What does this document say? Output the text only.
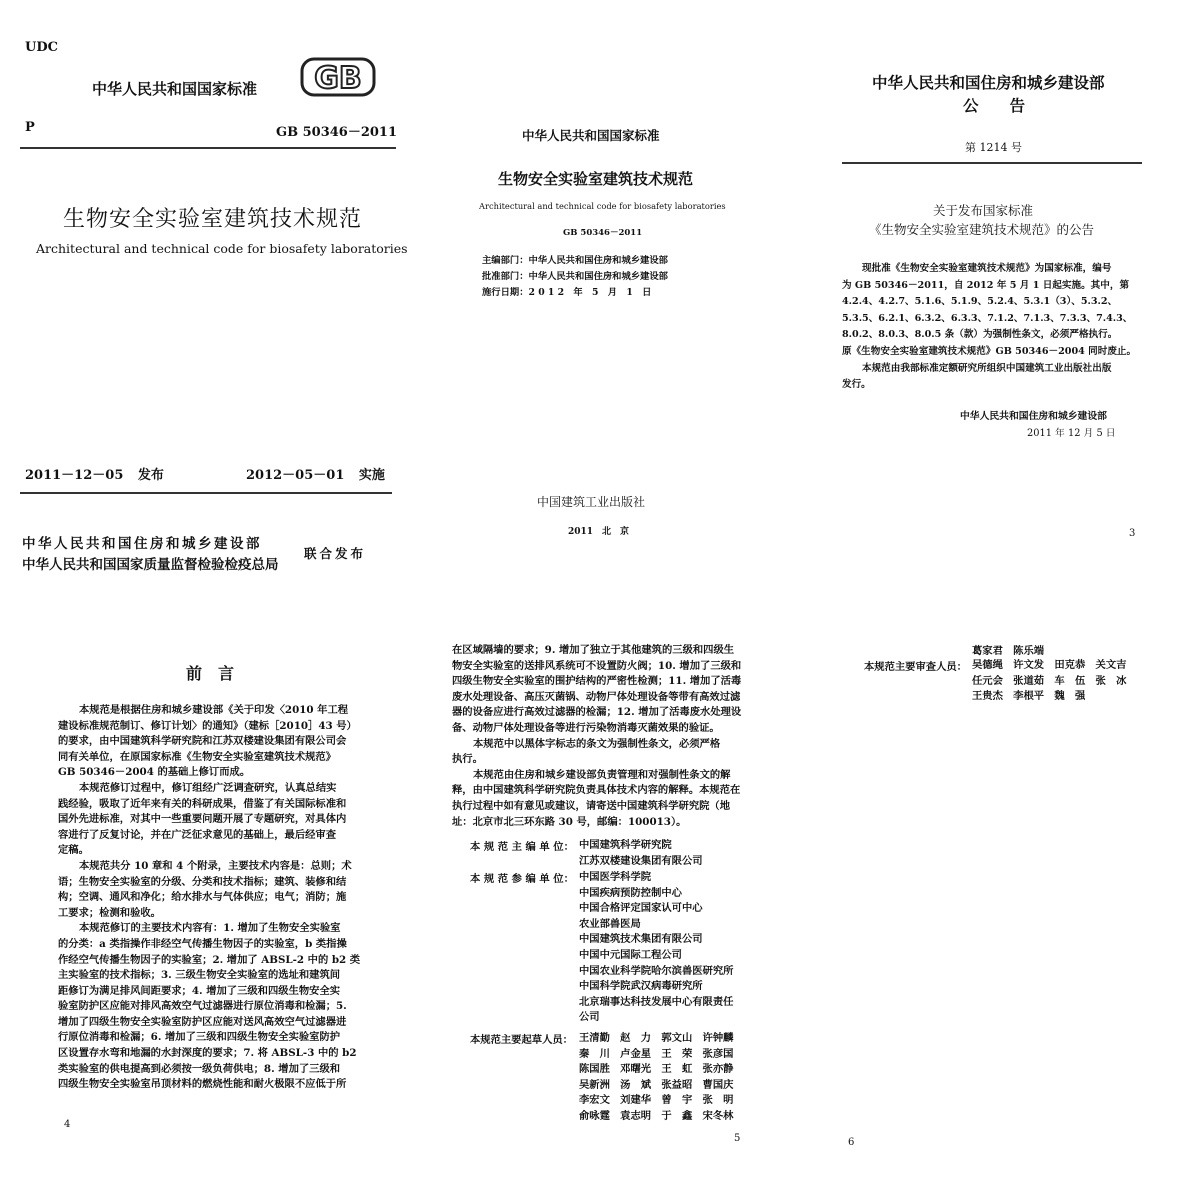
UDC
中华人民共和国国家标准 GB
P	GB 50346－2011
生物安全实验室建筑技术规范
Architectural and technical code for biosafety laboratories
2011－12－05 发布	2012－05－01 实施
中华人民共和国住房和城乡建设部
中华人民共和国国家质量监督检验检疫总局
联合发布
中华人民共和国国家标准
生物安全实验室建筑技术规范
Architectural and technical code for biosafety laboratories
GB 50346－2011
主编部门：中华人民共和国住房和城乡建设部
批准部门：中华人民共和国住房和城乡建设部
施行日期：2 0 1 2　年　5　月　1　日
中国建筑工业出版社
2011　北　京
中华人民共和国住房和城乡建设部
公　　告
第 1214 号
关于发布国家标准
《生物安全实验室建筑技术规范》的公告
现批准《生物安全实验室建筑技术规范》为国家标准，编号
为 GB 50346－2011，自 2012 年 5 月 1 日起实施。其中，第
4.2.4、4.2.7、5.1.6、5.1.9、5.2.4、5.3.1（3）、5.3.2、
5.3.5、6.2.1、6.3.2、6.3.3、7.1.2、7.1.3、7.3.3、7.4.3、
8.0.2、8.0.3、8.0.5 条（款）为强制性条文，必须严格执行。
原《生物安全实验室建筑技术规范》GB 50346－2004 同时废止。
本规范由我部标准定额研究所组织中国建筑工业出版社出版
发行。
中华人民共和国住房和城乡建设部
2011 年 12 月 5 日
3
前　言
本规范是根据住房和城乡建设部《关于印发〈2010 年工程
建设标准规范制订、修订计划〉的通知》（建标［2010］43 号）
的要求，由中国建筑科学研究院和江苏双楼建设集团有限公司会
同有关单位，在原国家标准《生物安全实验室建筑技术规范》
GB 50346－2004 的基础上修订而成。
本规范修订过程中，修订组经广泛调查研究，认真总结实
践经验，吸取了近年来有关的科研成果，借鉴了有关国际标准和
国外先进标准，对其中一些重要问题开展了专题研究，对具体内
容进行了反复讨论，并在广泛征求意见的基础上，最后经审查
定稿。
本规范共分 10 章和 4 个附录，主要技术内容是：总则；术
语；生物安全实验室的分级、分类和技术指标；建筑、装修和结
构；空调、通风和净化；给水排水与气体供应；电气；消防；施
工要求；检测和验收。
本规范修订的主要技术内容有：1. 增加了生物安全实验室
的分类：a 类指操作非经空气传播生物因子的实验室，b 类指操
作经空气传播生物因子的实验室；2. 增加了 ABSL-2 中的 b2 类
主实验室的技术指标；3. 三级生物安全实验室的选址和建筑间
距修订为满足排风间距要求；4. 增加了三级和四级生物安全实
验室防护区应能对排风高效空气过滤器进行原位消毒和检漏；5.
增加了四级生物安全实验室防护区应能对送风高效空气过滤器进
行原位消毒和检漏；6. 增加了三级和四级生物安全实验室防护
区设置存水弯和地漏的水封深度的要求；7. 将 ABSL-3 中的 b2
类实验室的供电提高到必须按一级负荷供电；8. 增加了三级和
四级生物安全实验室吊顶材料的燃烧性能和耐火极限不应低于所
4
在区域隔墙的要求；9. 增加了独立于其他建筑的三级和四级生
物安全实验室的送排风系统可不设置防火阀；10. 增加了三级和
四级生物安全实验室的围护结构的严密性检测；11. 增加了活毒
废水处理设备、高压灭菌锅、动物尸体处理设备等带有高效过滤
器的设备应进行高效过滤器的检漏；12. 增加了活毒废水处理设
备、动物尸体处理设备等进行污染物消毒灭菌效果的验证。
本规范中以黑体字标志的条文为强制性条文，必须严格
执行。
本规范由住房和城乡建设部负责管理和对强制性条文的解
释，由中国建筑科学研究院负责具体技术内容的解释。本规范在
执行过程中如有意见或建议，请寄送中国建筑科学研究院（地
址：北京市北三环东路 30 号，邮编：100013）。
本 规 范 主 编 单 位： 中国建筑科学研究院
江苏双楼建设集团有限公司
本 规 范 参 编 单 位： 中国医学科学院
中国疾病预防控制中心
中国合格评定国家认可中心
农业部兽医局
中国建筑技术集团有限公司
中国中元国际工程公司
中国农业科学院哈尔滨兽医研究所
中国科学院武汉病毒研究所
北京瑞事达科技发展中心有限责任
公司
本规范主要起草人员： 王清勤　赵　力　郭文山　许钟麟
秦　川　卢金星　王　荣　张彦国
陈国胜　邓曙光　王　虹　张亦静
吴新洲　汤　斌　张益昭　曹国庆
李宏文　刘建华　曾　宇　张　明
俞咏霆　袁志明　于　鑫　宋冬林
5
葛家君　陈乐端
本规范主要审查人员： 吴德绳　许文发　田克恭　关文吉
任元会　张道茹　车　伍　张　冰
王贵杰　李根平　魏　强
6
